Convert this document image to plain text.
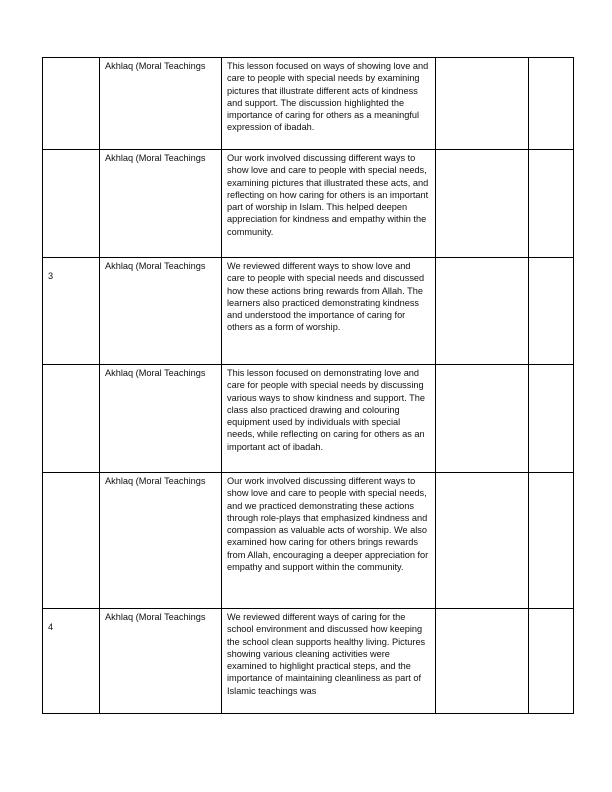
	Akhlaq (Moral Teachings	This lesson focused on ways of showing love and care to people with special needs by examining pictures that illustrate different acts of kindness and support. The discussion highlighted the importance of caring for others as a meaningful expression of ibadah.		

	Akhlaq (Moral Teachings	Our work involved discussing different ways to show love and care to people with special needs, examining pictures that illustrated these acts, and reflecting on how caring for others is an important part of worship in Islam. This helped deepen appreciation for kindness and empathy within the community.		

3	Akhlaq (Moral Teachings	We reviewed different ways to show love and care to people with special needs and discussed how these actions bring rewards from Allah. The learners also practiced demonstrating kindness and understood the importance of caring for others as a form of worship.		

	Akhlaq (Moral Teachings	This lesson focused on demonstrating love and care for people with special needs by discussing various ways to show kindness and support. The class also practiced drawing and colouring equipment used by individuals with special needs, while reflecting on caring for others as an important act of ibadah.		

	Akhlaq (Moral Teachings	Our work involved discussing different ways to show love and care to people with special needs, and we practiced demonstrating these actions through role-plays that emphasized kindness and compassion as valuable acts of worship. We also examined how caring for others brings rewards from Allah, encouraging a deeper appreciation for empathy and support within the community.		

4	Akhlaq (Moral Teachings	We reviewed different ways of caring for the school environment and discussed how keeping the school clean supports healthy living. Pictures showing various cleaning activities were examined to highlight practical steps, and the importance of maintaining cleanliness as part of Islamic teachings was		
